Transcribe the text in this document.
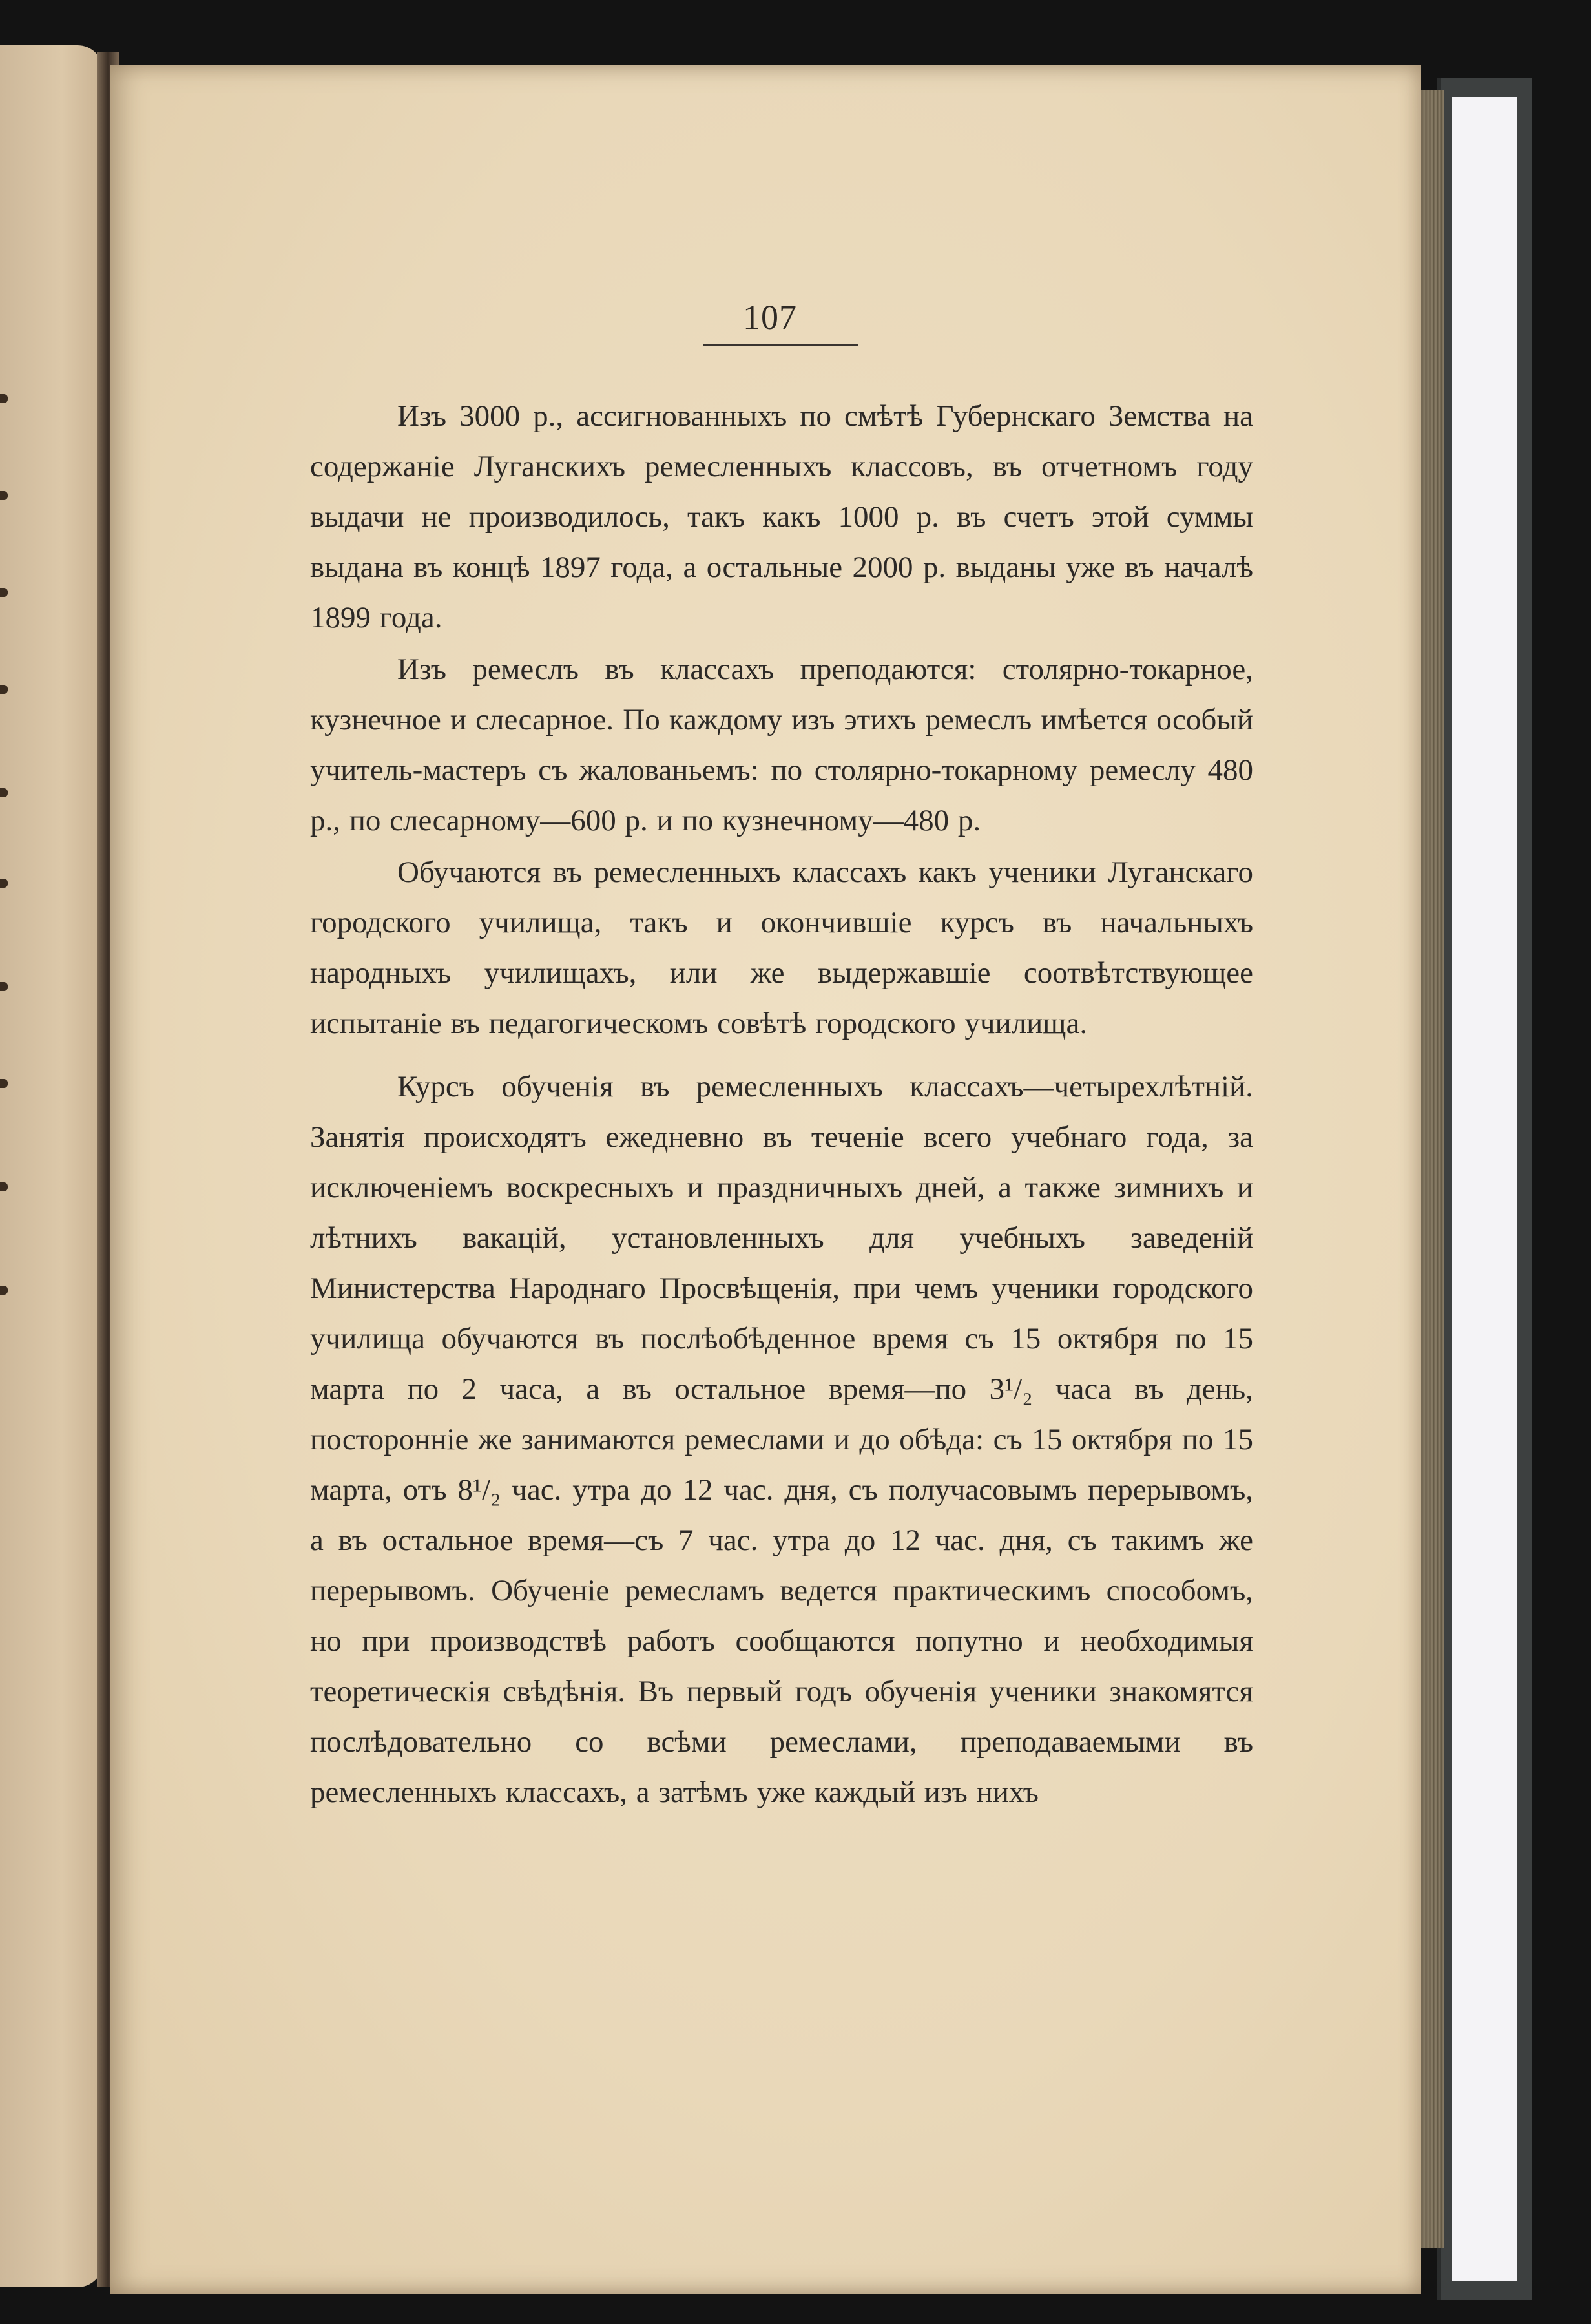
107

Изъ 3000 р., ассигнованныхъ по смѣтѣ Губернскаго Земства на содержаніе Луганскихъ ремесленныхъ классовъ, въ отчетномъ году выдачи не производилось, такъ какъ 1000 р. въ счетъ этой суммы выдана въ концѣ 1897 года, а остальные 2000 р. выданы уже въ началѣ 1899 года.

Изъ ремеслъ въ классахъ преподаются: столярно-токарное, кузнечное и слесарное. По каждому изъ этихъ ремеслъ имѣется особый учитель-мастеръ съ жалованьемъ: по столярно-токарному ремеслу 480 р., по слесарному—600 р. и по кузнечному—480 р.

Обучаются въ ремесленныхъ классахъ какъ ученики Луганскаго городского училища, такъ и окончившіе курсъ въ начальныхъ народныхъ училищахъ, или же выдержавшіе соотвѣтствующее испытаніе въ педагогическомъ совѣтѣ городского училища.

Курсъ обученія въ ремесленныхъ классахъ—четырехлѣтній. Занятія происходятъ ежедневно въ теченіе всего учебнаго года, за исключеніемъ воскресныхъ и праздничныхъ дней, а также зимнихъ и лѣтнихъ вакацій, установленныхъ для учебныхъ заведеній Министерства Народнаго Просвѣщенія, при чемъ ученики городского училища обучаются въ послѣобѣденное время съ 15 октября по 15 марта по 2 часа, а въ остальное время—по 3¹/₂ часа въ день, посторонніе же занимаются ремеслами и до обѣда: съ 15 октября по 15 марта, отъ 8¹/₂ час. утра до 12 час. дня, съ получасовымъ перерывомъ, а въ остальное время—съ 7 час. утра до 12 час. дня, съ такимъ же перерывомъ. Обученіе ремесламъ ведется практическимъ способомъ, но при производствѣ работъ сообщаются попутно и необходимыя теоретическія свѣдѣнія. Въ первый годъ обученія ученики знакомятся послѣдовательно со всѣми ремеслами, преподаваемыми въ ремесленныхъ классахъ, а затѣмъ уже каждый изъ нихъ
